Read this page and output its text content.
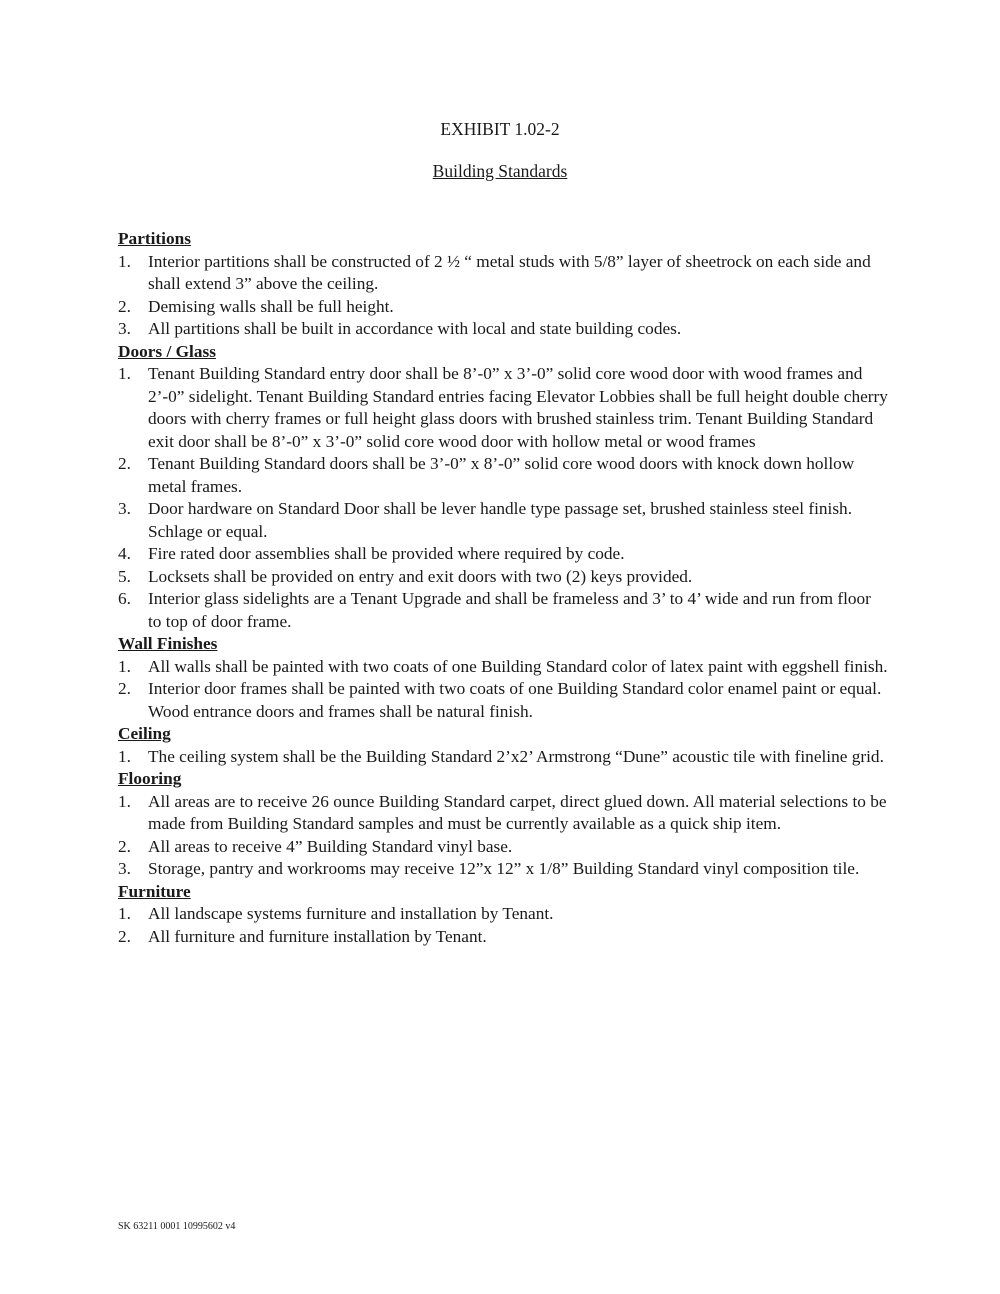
EXHIBIT 1.02-2
Building Standards
Partitions
1. Interior partitions shall be constructed of 2 ½ “ metal studs with 5/8” layer of sheetrock on each side and shall extend 3” above the ceiling.
2. Demising walls shall be full height.
3. All partitions shall be built in accordance with local and state building codes.
Doors / Glass
1. Tenant Building Standard entry door shall be 8’-0” x 3’-0” solid core wood door with wood frames and 2’-0” sidelight. Tenant Building Standard entries facing Elevator Lobbies shall be full height double cherry doors with cherry frames or full height glass doors with brushed stainless trim. Tenant Building Standard exit door shall be 8’-0” x 3’-0” solid core wood door with hollow metal or wood frames
2. Tenant Building Standard doors shall be 3’-0” x 8’-0” solid core wood doors with knock down hollow metal frames.
3. Door hardware on Standard Door shall be lever handle type passage set, brushed stainless steel finish. Schlage or equal.
4. Fire rated door assemblies shall be provided where required by code.
5. Locksets shall be provided on entry and exit doors with two (2) keys provided.
6. Interior glass sidelights are a Tenant Upgrade and shall be frameless and 3’ to 4’ wide and run from floor to top of door frame.
Wall Finishes
1. All walls shall be painted with two coats of one Building Standard color of latex paint with eggshell finish.
2. Interior door frames shall be painted with two coats of one Building Standard color enamel paint or equal. Wood entrance doors and frames shall be natural finish.
Ceiling
1. The ceiling system shall be the Building Standard 2’x2’ Armstrong “Dune” acoustic tile with fineline grid.
Flooring
1. All areas are to receive 26 ounce Building Standard carpet, direct glued down. All material selections to be made from Building Standard samples and must be currently available as a quick ship item.
2. All areas to receive 4” Building Standard vinyl base.
3. Storage, pantry and workrooms may receive 12”x 12” x 1/8” Building Standard vinyl composition tile.
Furniture
1. All landscape systems furniture and installation by Tenant.
2. All furniture and furniture installation by Tenant.
SK 63211 0001 10995602 v4
